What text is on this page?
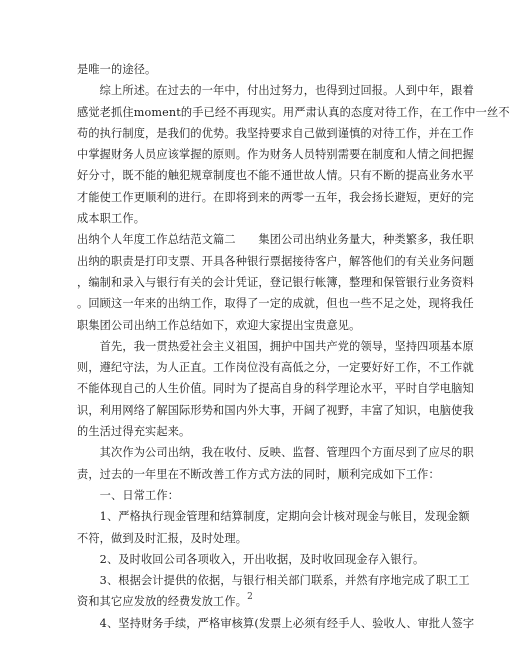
是唯一的途径。
　　综上所述。在过去的一年中，付出过努力，也得到过回报。人到中年，跟着
感觉老抓住moment的手已经不再现实。用严肃认真的态度对待工作，在工作中一丝不
苟的执行制度，是我们的优势。我坚持要求自己做到谨慎的对待工作，并在工作
中掌握财务人员应该掌握的原则。作为财务人员特别需要在制度和人情之间把握
好分寸，既不能的触犯规章制度也不能不通世故人情。只有不断的提高业务水平
才能使工作更顺利的进行。在即将到来的两零一五年，我会扬长避短，更好的完
成本职工作。
出纳个人年度工作总结范文篇二　　集团公司出纳业务量大，种类繁多，我任职
出纳的职责是打印支票、开具各种银行票据接待客户，解答他们的有关业务问题
，编制和录入与银行有关的会计凭证，登记银行帐簿，整理和保管银行业务资料
。回顾这一年来的出纳工作，取得了一定的成就，但也一些不足之处，现将我任
职集团公司出纳工作总结如下，欢迎大家提出宝贵意见。
　　首先，我一贯热爱社会主义祖国，拥护中国共产党的领导，坚持四项基本原
则，遵纪守法，为人正直。工作岗位没有高低之分，一定要好好工作，不工作就
不能体现自己的人生价值。同时为了提高自身的科学理论水平，平时自学电脑知
识，利用网络了解国际形势和国内外大事，开阔了视野，丰富了知识，电脑使我
的生活过得充实起来。
　　其次作为公司出纳，我在收付、反映、监督、管理四个方面尽到了应尽的职
责，过去的一年里在不断改善工作方式方法的同时，顺利完成如下工作：
　　一、日常工作：
　　1、严格执行现金管理和结算制度，定期向会计核对现金与帐目，发现金额
不符，做到及时汇报，及时处理。
　　2、及时收回公司各项收入，开出收据，及时收回现金存入银行。
　　3、根据会计提供的依据，与银行相关部门联系，并然有序地完成了职工工
资和其它应发放的经费发放工作。
　　4、坚持财务手续，严格审核算(发票上必须有经手人、验收人、审批人签字
2
